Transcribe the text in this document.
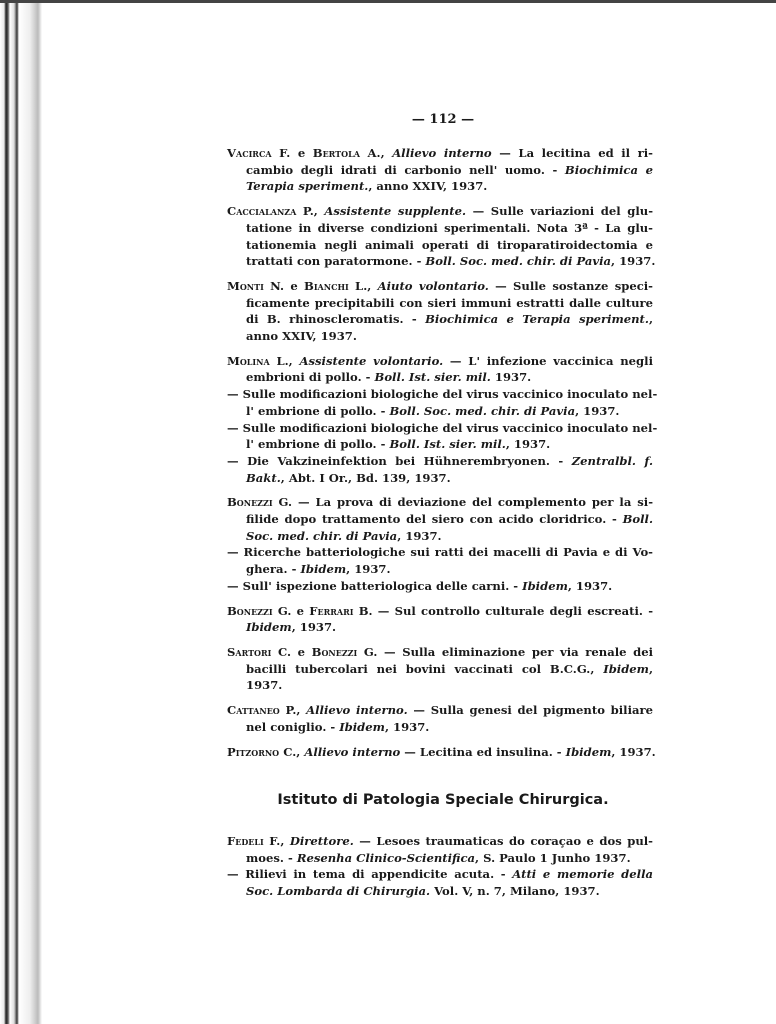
— 112 —
Vacirca F. e Bertola A., Allievo interno — La lecitina ed il ri-
cambio degli idrati di carbonio nell' uomo. - Biochimica e
Terapia speriment., anno XXIV, 1937.
Caccialanza P., Assistente supplente. — Sulle variazioni del glu-
tatione in diverse condizioni sperimentali. Nota 3ª - La glu-
tationemia negli animali operati di tiroparatiroidectomia e
trattati con paratormone. - Boll. Soc. med. chir. di Pavia, 1937.
Monti N. e Bianchi L., Aiuto volontario. — Sulle sostanze speci-
ficamente precipitabili con sieri immuni estratti dalle culture
di B. rhinoscleromatis. - Biochimica e Terapia speriment.,
anno XXIV, 1937.
Molina L., Assistente volontario. — L' infezione vaccinica negli
embrioni di pollo. - Boll. Ist. sier. mil. 1937.
— Sulle modificazioni biologiche del virus vaccinico inoculato nel-
l' embrione di pollo. - Boll. Soc. med. chir. di Pavia, 1937.
— Sulle modificazioni biologiche del virus vaccinico inoculato nel-
l' embrione di pollo. - Boll. Ist. sier. mil., 1937.
— Die Vakzineinfektion bei Hühnerembryonen. - Zentralbl. f.
Bakt., Abt. I Or., Bd. 139, 1937.
Bonezzi G. — La prova di deviazione del complemento per la si-
filide dopo trattamento del siero con acido cloridrico. - Boll.
Soc. med. chir. di Pavia, 1937.
— Ricerche batteriologiche sui ratti dei macelli di Pavia e di Vo-
ghera. - Ibidem, 1937.
— Sull' ispezione batteriologica delle carni. - Ibidem, 1937.
Bonezzi G. e Ferrari B. — Sul controllo culturale degli escreati. -
Ibidem, 1937.
Sartori C. e Bonezzi G. — Sulla eliminazione per via renale dei
bacilli tubercolari nei bovini vaccinati col B.C.G., Ibidem,
1937.
Cattaneo P., Allievo interno. — Sulla genesi del pigmento biliare
nel coniglio. - Ibidem, 1937.
Pitzorno C., Allievo interno — Lecitina ed insulina. - Ibidem, 1937.
Istituto di Patologia Speciale Chirurgica.
Fedeli F., Direttore. — Lesoes traumaticas do coraçao e dos pul-
moes. - Resenha Clinico-Scientifica, S. Paulo 1 Junho 1937.
— Rilievi in tema di appendicite acuta. - Atti e memorie della
Soc. Lombarda di Chirurgia. Vol. V, n. 7, Milano, 1937.
